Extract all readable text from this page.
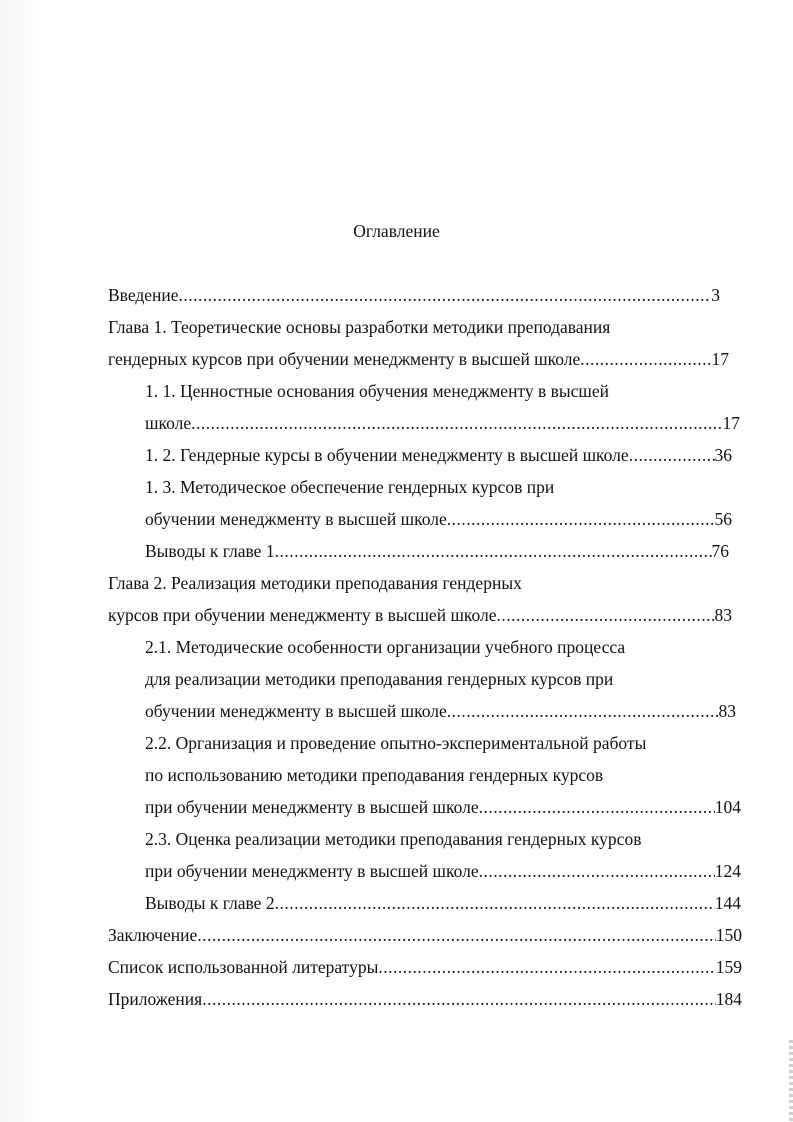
Оглавление
Введение .....	3
Глава 1. Теоретические основы разработки методики преподавания
гендерных курсов при обучении менеджменту в высшей школе .....	17
1. 1. Ценностные основания обучения менеджменту в высшей
школе .....	17
1. 2. Гендерные курсы в обучении менеджменту в высшей школе .....	36
1. 3. Методическое обеспечение гендерных курсов при
обучении менеджменту в высшей школе .....	56
Выводы к главе 1 .....	76
Глава 2. Реализация методики преподавания гендерных
курсов при обучении менеджменту в высшей школе .....	83
2.1. Методические особенности организации учебного процесса
для реализации методики преподавания гендерных курсов при
обучении менеджменту в высшей школе .....	83
2.2. Организация и проведение опытно-экспериментальной работы
по использованию методики преподавания гендерных курсов
при обучении менеджменту в высшей школе .....	104
2.3. Оценка реализации методики преподавания гендерных курсов
при обучении менеджменту в высшей школе .....	124
Выводы к главе 2 .....	144
Заключение .....	150
Список использованной литературы .....	159
Приложения .....	184
